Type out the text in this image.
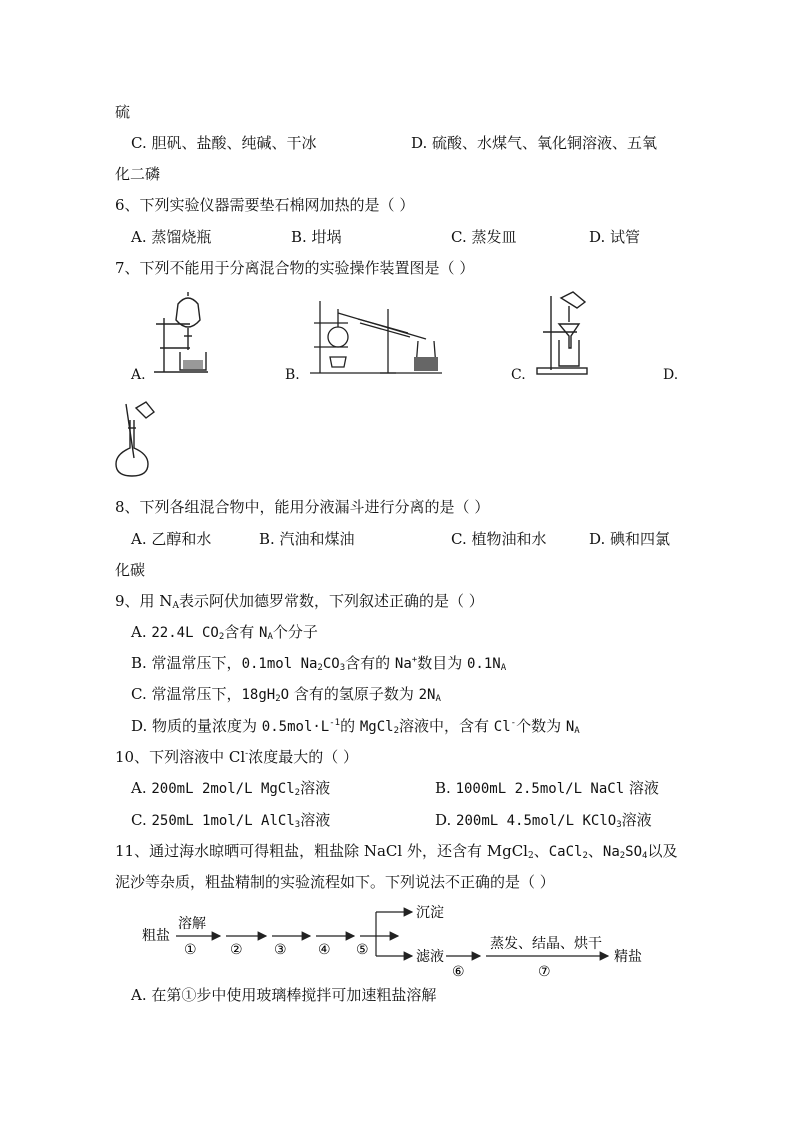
硫
C. 胆矾、盐酸、纯碱、干冰	D. 硫酸、水煤气、氧化铜溶液、五氧
化二磷
6、下列实验仪器需要垫石棉网加热的是（ ）
A. 蒸馏烧瓶	B. 坩埚	C. 蒸发皿	D. 试管
7、下列不能用于分离混合物的实验操作装置图是（ ）
A.	B.	C.	D.
8、下列各组混合物中，能用分液漏斗进行分离的是（ ）
A. 乙醇和水	B. 汽油和煤油	C. 植物油和水	D. 碘和四氯
化碳
9、用 $N_A$表示阿伏加德罗常数，下列叙述正确的是（ ）
A. 22.4L $CO_2$含有 $N_A$个分子
B. 常温常压下，0.1mol $Na_2CO_3$含有的 Na+数目为 $0.1N_A$
C. 常温常压下，$18gH_2O$ 含有的氢原子数为 $2N_A$
D. 物质的量浓度为 $0.5mol\cdot L^{-1}$的 MgCl$_2$溶液中，含有 Cl-个数为 $N_A$
10、下列溶液中 Cl-浓度最大的（ ）
A. 200mL 2mol/L MgCl$_2$溶液	B. 1000mL 2.5mol/L NaCl 溶液
C. 250mL 1mol/L AlCl$_3$溶液	D. 200mL 4.5mol/L KClO$_3$溶液
11、通过海水晾晒可得粗盐，粗盐除 NaCl 外，还含有 MgCl$_2$、CaCl$_2$、$Na_2SO_4$以及
泥沙等杂质，粗盐精制的实验流程如下。下列说法不正确的是（ ）
粗盐
溶解
① ② ③ ④ ⑤
沉淀
滤液
⑥
蒸发、结晶、烘干
⑦
精盐
A. 在第①步中使用玻璃棒搅拌可加速粗盐溶解
